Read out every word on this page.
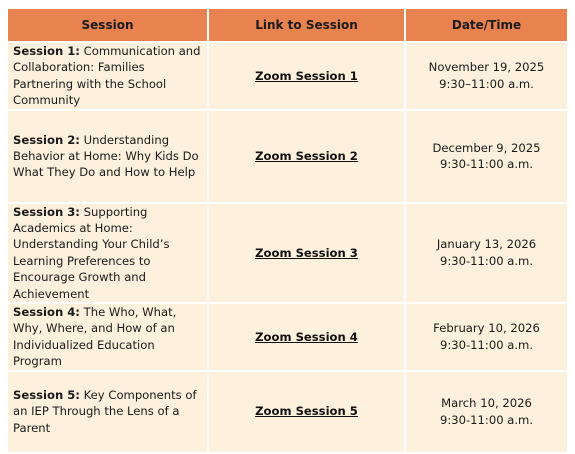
Session	Link to Session	Date/Time
Session 1: Communication and Collaboration: Families Partnering with the School Community	Zoom Session 1	November 19, 2025
9:30–11:00 a.m.

Session 2: Understanding Behavior at Home: Why Kids Do What They Do and How to Help	Zoom Session 2	December 9, 2025
9:30-11:00 a.m.

Session 3: Supporting Academics at Home: Understanding Your Child’s Learning Preferences to Encourage Growth and Achievement	Zoom Session 3	January 13, 2026
9:30-11:00 a.m.

Session 4: The Who, What, Why, Where, and How of an Individualized Education Program	Zoom Session 4	February 10, 2026
9:30-11:00 a.m.

Session 5: Key Components of an IEP Through the Lens of a Parent	Zoom Session 5	March 10, 2026
9:30-11:00 a.m.
